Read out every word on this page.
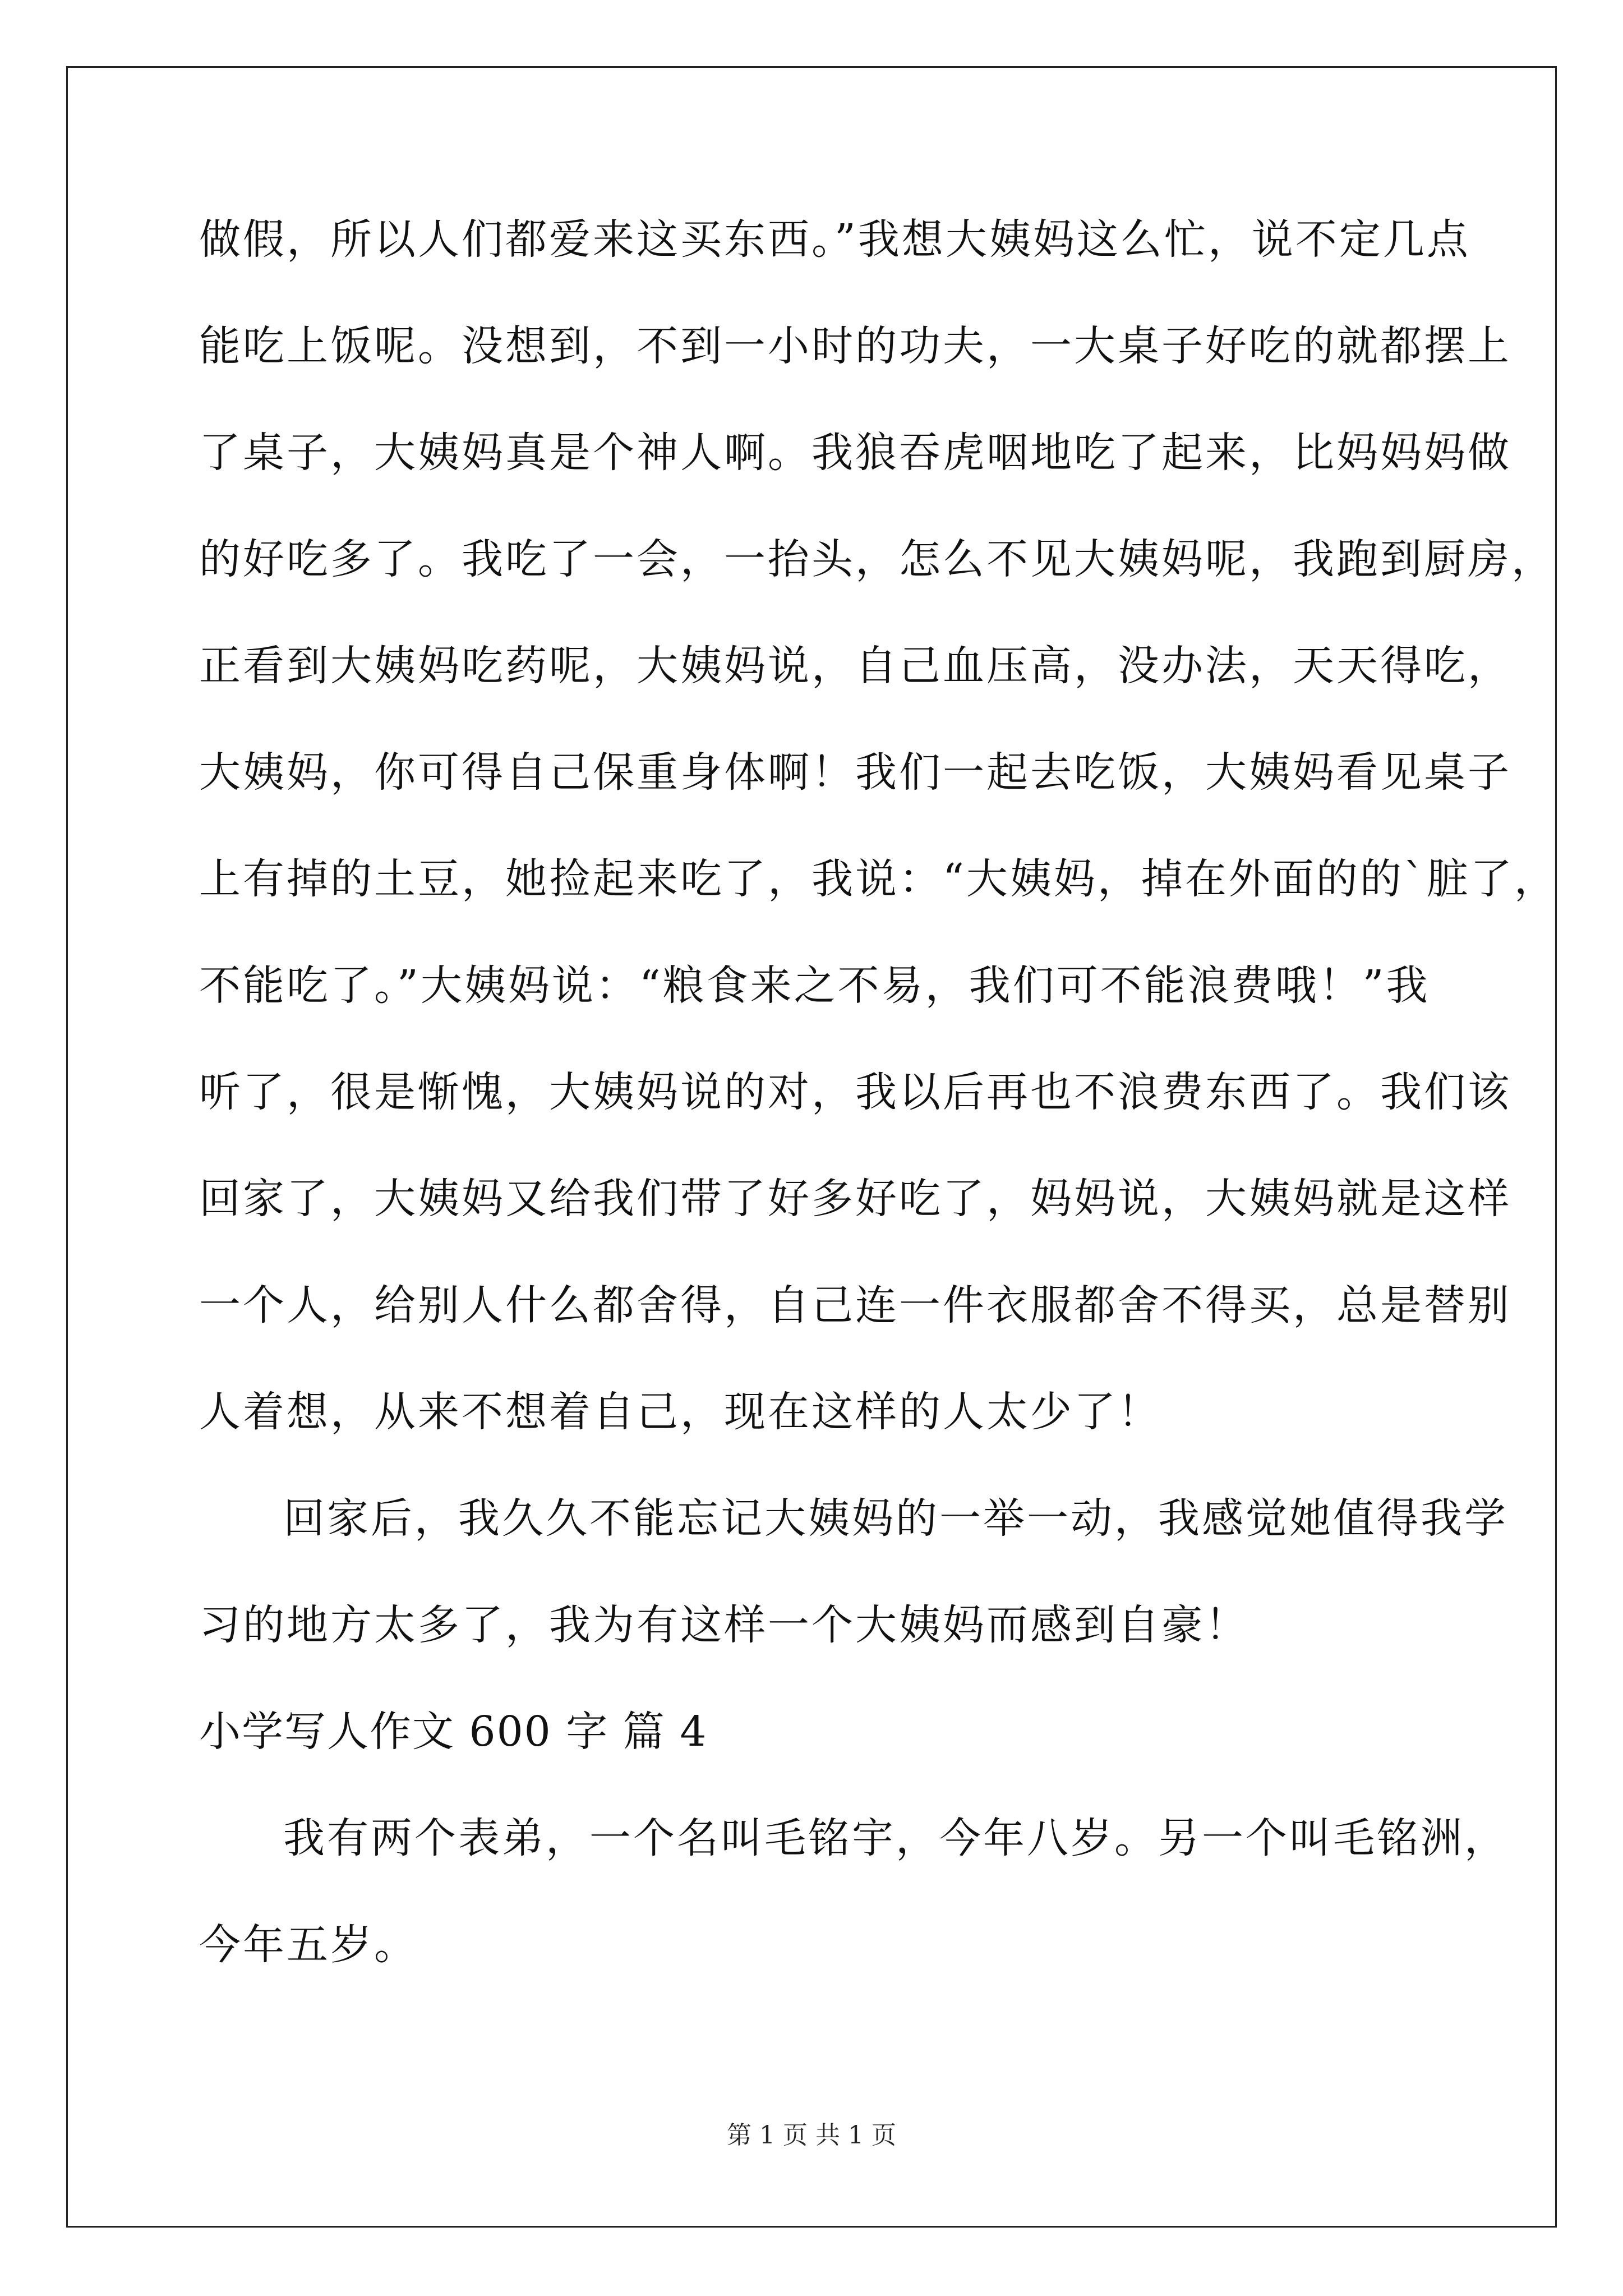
做假，所以人们都爱来这买东西。”我想大姨妈这么忙，说不定几点
能吃上饭呢。没想到，不到一小时的功夫，一大桌子好吃的就都摆上
了桌子，大姨妈真是个神人啊。我狼吞虎咽地吃了起来，比妈妈妈做
的好吃多了。我吃了一会，一抬头，怎么不见大姨妈呢，我跑到厨房，
正看到大姨妈吃药呢，大姨妈说，自己血压高，没办法，天天得吃，
大姨妈，你可得自己保重身体啊！我们一起去吃饭，大姨妈看见桌子
上有掉的土豆，她捡起来吃了，我说：“大姨妈，掉在外面的的`脏了，
不能吃了。”大姨妈说：“粮食来之不易，我们可不能浪费哦！”我
听了，很是惭愧，大姨妈说的对，我以后再也不浪费东西了。我们该
回家了，大姨妈又给我们带了好多好吃了，妈妈说，大姨妈就是这样
一个人，给别人什么都舍得，自己连一件衣服都舍不得买，总是替别
人着想，从来不想着自己，现在这样的人太少了！
回家后，我久久不能忘记大姨妈的一举一动，我感觉她值得我学
习的地方太多了，我为有这样一个大姨妈而感到自豪！
小学写人作文 600 字 篇 4
我有两个表弟，一个名叫毛铭宇，今年八岁。另一个叫毛铭洲，
今年五岁。
第 1 页 共 1 页
